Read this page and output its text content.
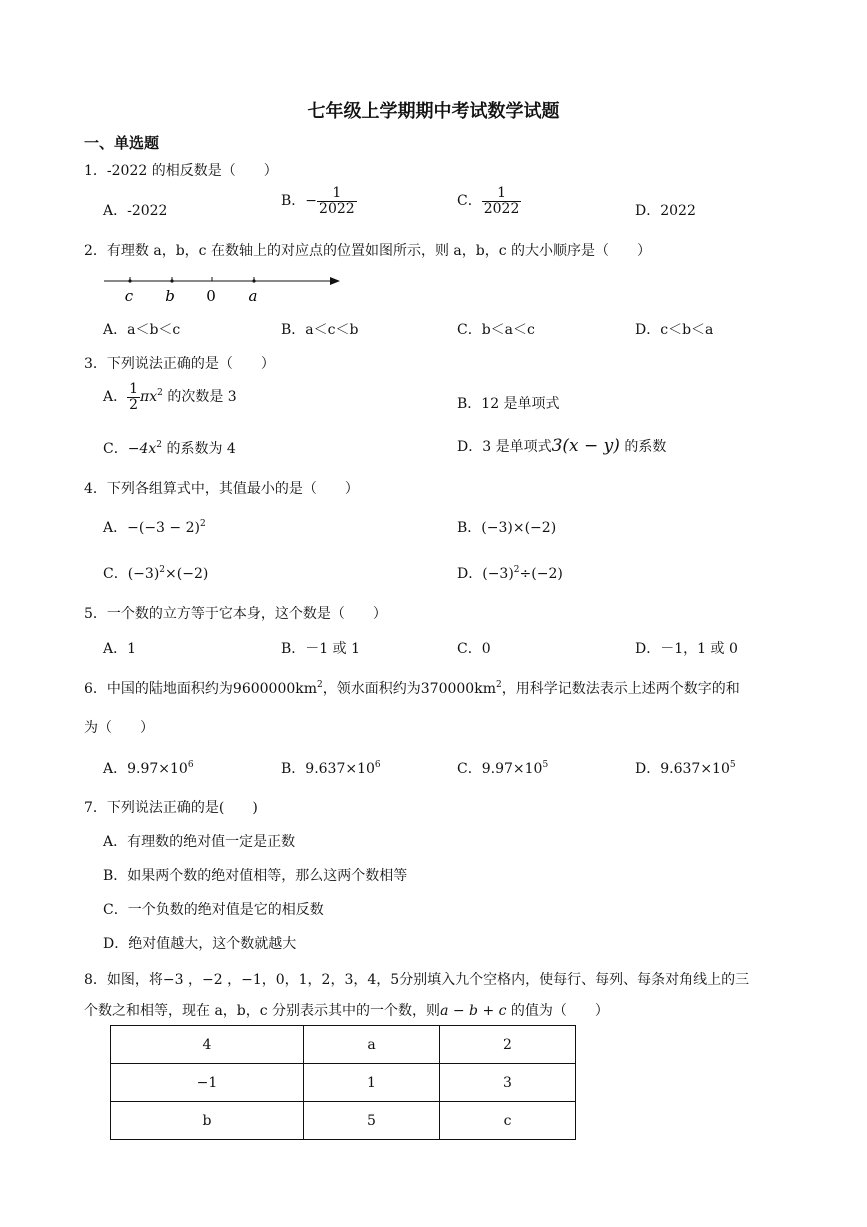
七年级上学期期中考试数学试题
一、单选题
1．-2022 的相反数是（　　）
A．-2022
B．− $\frac{1}{2022}$	C． $\frac{1}{2022}$	D．2022
2．有理数 a，b，c 在数轴上的对应点的位置如图所示，则 a，b，c 的大小顺序是（　　）
c b 0 a
A．a＜b＜c	B．a＜c＜b	C．b＜a＜c	D．c＜b＜a
3．下列说法正确的是（　　）
A． $\frac{1}{2} \pi x^2$ 的次数是 3	B．12 是单项式
C．$-4x^2$ 的系数为 4	D．3 是单项式3(x − y) 的系数
4．下列各组算式中，其值最小的是（　　）
A．$-(-3 - 2)^2$	B．(−3)×(−2)
C．$(-3)^2\times(-2)$	D．$(-3)^2\div(-2)$
5．一个数的立方等于它本身，这个数是（　　）
A．1	B．－1 或 1	C．0	D．－1，1 或 0
6．中国的陆地面积约为$9600000km^2$，领水面积约为$370000km^2$，用科学记数法表示上述两个数字的和
为（　　）
A．$9.97\times 10^6$	B．$9.637\times 10^6$	C．$9.97\times 10^5$	D．$9.637\times 10^5$
7．下列说法正确的是(　　)
A．有理数的绝对值一定是正数
B．如果两个数的绝对值相等，那么这两个数相等
C．一个负数的绝对值是它的相反数
D．绝对值越大，这个数就越大
8．如图，将−3 ，−2 ，−1，0，1，2，3，4，5分别填入九个空格内，使每行、每列、每条对角线上的三
个数之和相等，现在 a，b，c 分别表示其中的一个数，则a − b + c 的值为（　　）
4	a	2
−1	1	3
b	5	c
